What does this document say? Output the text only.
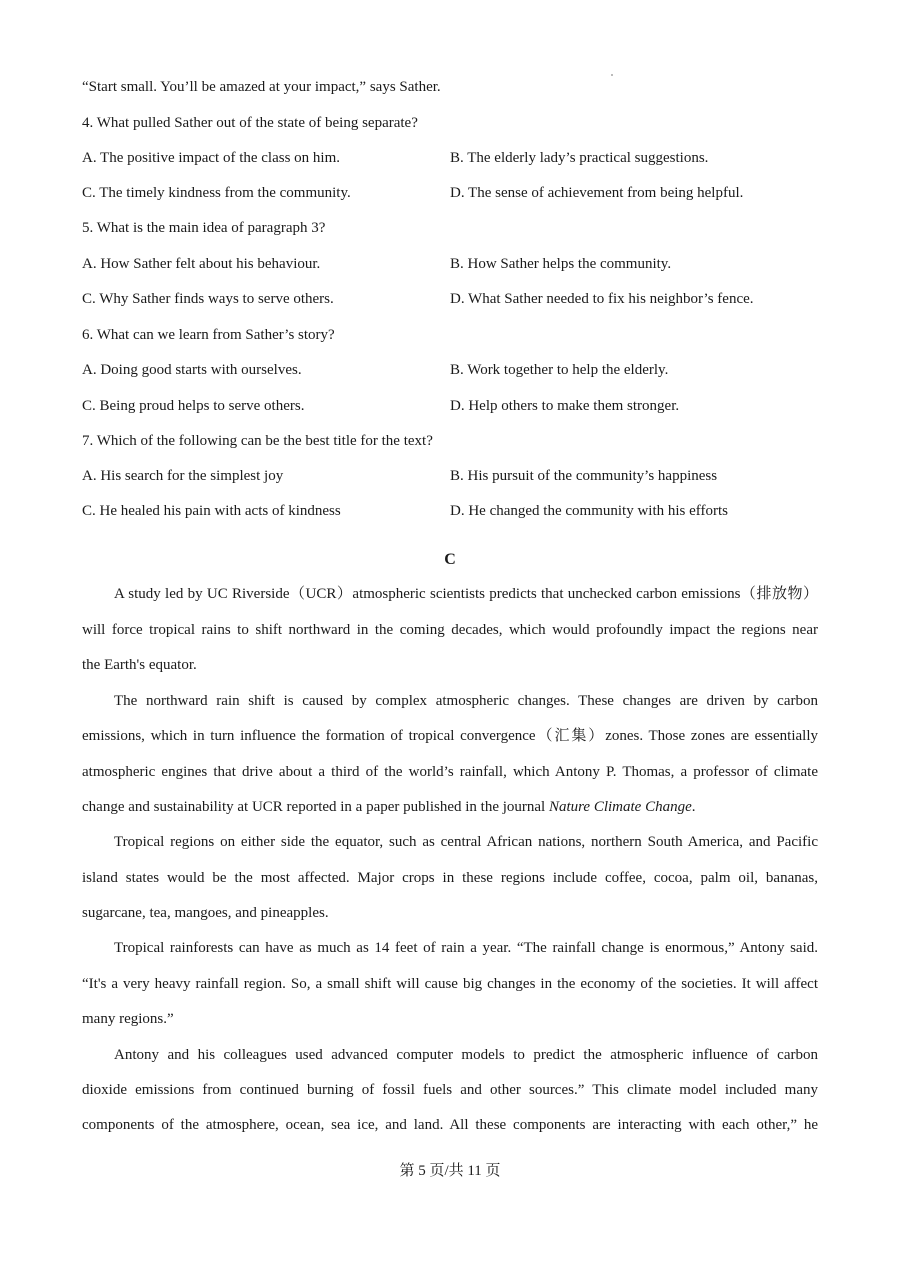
“Start small. You’ll be amazed at your impact,” says Sather.
4. What pulled Sather out of the state of being separate?
A. The positive impact of the class on him.	B. The elderly lady’s practical suggestions.
C. The timely kindness from the community.	D. The sense of achievement from being helpful.
5. What is the main idea of paragraph 3?
A. How Sather felt about his behaviour.	B. How Sather helps the community.
C. Why Sather finds ways to serve others.	D. What Sather needed to fix his neighbor’s fence.
6. What can we learn from Sather’s story?
A. Doing good starts with ourselves.	B. Work together to help the elderly.
C. Being proud helps to serve others.	D. Help others to make them stronger.
7. Which of the following can be the best title for the text?
A. His search for the simplest joy	B. His pursuit of the community’s happiness
C. He healed his pain with acts of kindness	D. He changed the community with his efforts
C
A study led by UC Riverside（UCR）atmospheric scientists predicts that unchecked carbon emissions（排放物）
will force tropical rains to shift northward in the coming decades, which would profoundly impact the regions near
the Earth's equator.
The northward rain shift is caused by complex atmospheric changes. These changes are driven by carbon
emissions, which in turn influence the formation of tropical convergence（汇集）zones. Those zones are essentially
atmospheric engines that drive about a third of the world’s rainfall, which Antony P. Thomas, a professor of climate
change and sustainability at UCR reported in a paper published in the journal Nature Climate Change.
Tropical regions on either side the equator, such as central African nations, northern South America, and Pacific
island states would be the most affected. Major crops in these regions include coffee, cocoa, palm oil, bananas,
sugarcane, tea, mangoes, and pineapples.
Tropical rainforests can have as much as 14 feet of rain a year. “The rainfall change is enormous,” Antony said.
“It's a very heavy rainfall region. So, a small shift will cause big changes in the economy of the societies. It will affect
many regions.”
Antony and his colleagues used advanced computer models to predict the atmospheric influence of carbon
dioxide emissions from continued burning of fossil fuels and other sources.” This climate model included many
components of the atmosphere, ocean, sea ice, and land. All these components are interacting with each other,” he
第 5 页/共 11 页
